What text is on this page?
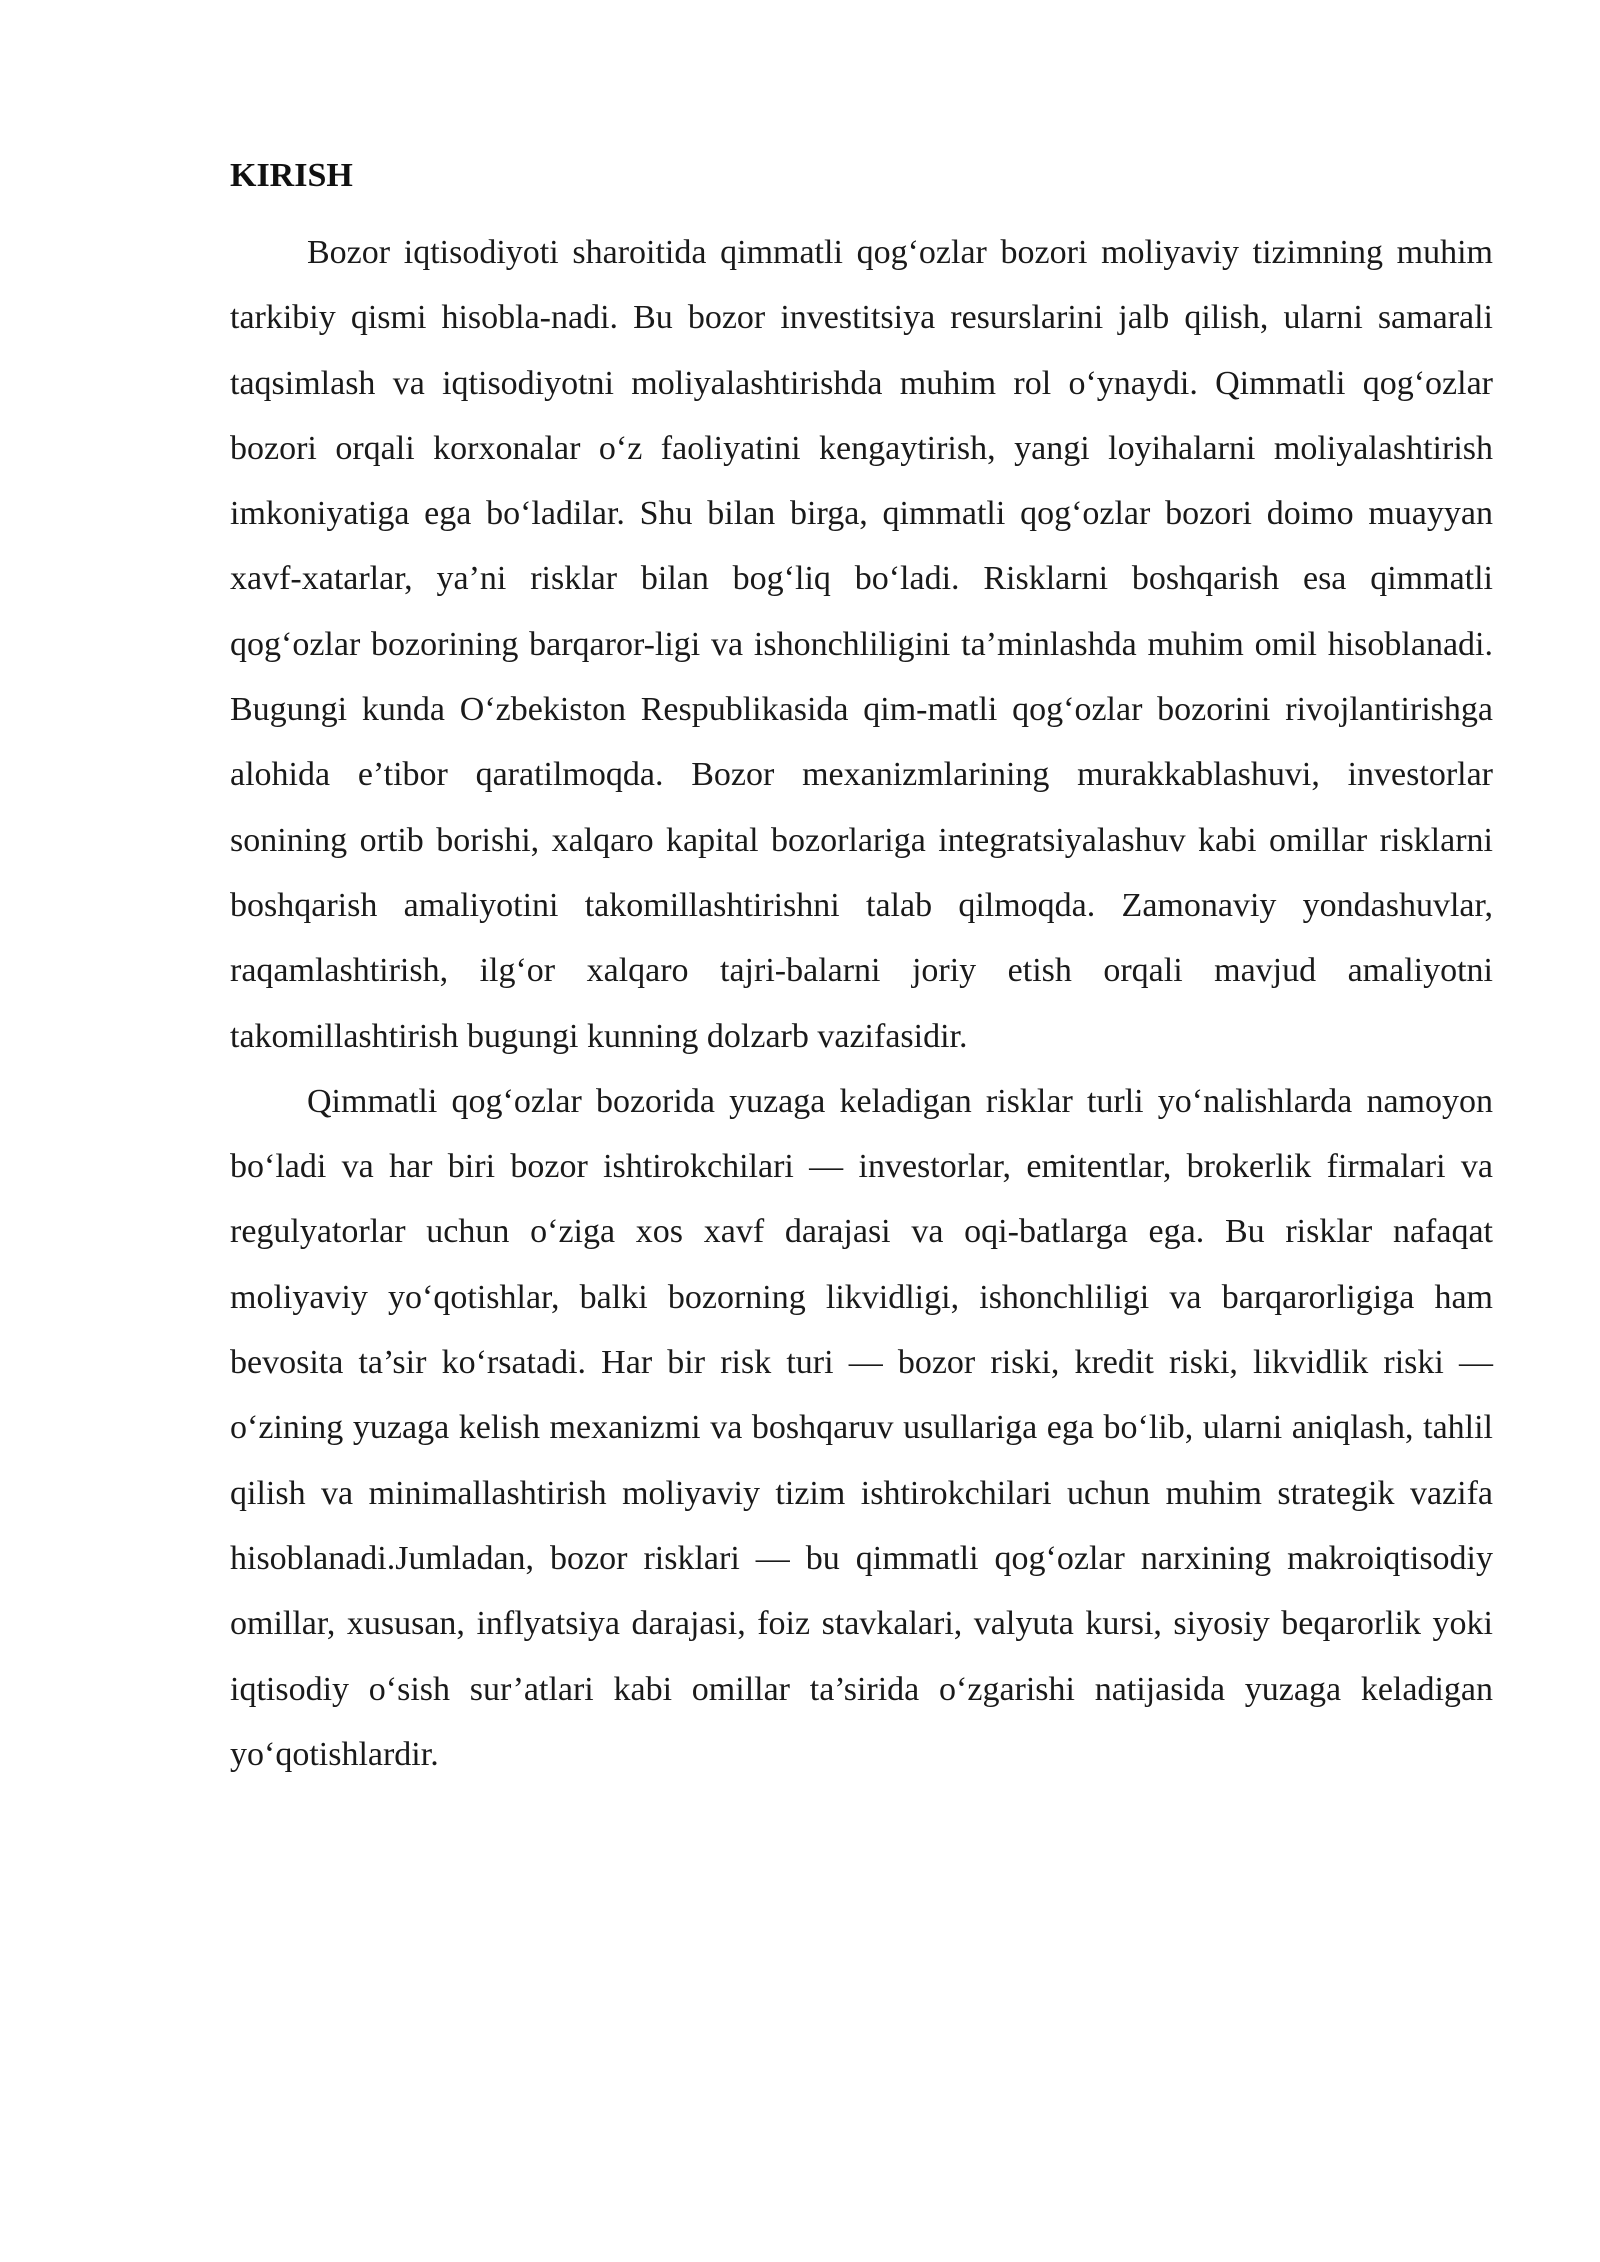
KIRISH

Bozor iqtisodiyoti sharoitida qimmatli qog‘ozlar bozori moliyaviy tizimning muhim tarkibiy qismi hisobla-nadi. Bu bozor investitsiya resurslarini jalb qilish, ularni samarali taqsimlash va iqtisodiyotni moliyalashtirishda muhim rol o‘ynaydi. Qimmatli qog‘ozlar bozori orqali korxonalar o‘z faoliyatini kengaytirish, yangi loyihalarni moliyalashtirish imkoniyatiga ega bo‘ladilar. Shu bilan birga, qimmatli qog‘ozlar bozori doimo muayyan xavf-xatarlar, ya’ni risklar bilan bog‘liq bo‘ladi. Risklarni boshqarish esa qimmatli qog‘ozlar bozorining barqaror-ligi va ishonchliligini ta’minlashda muhim omil hisoblanadi. Bugungi kunda O‘zbekiston Respublikasida qim-matli qog‘ozlar bozorini rivojlantirishga alohida e’tibor qaratilmoqda. Bozor mexanizmlarining murakkablashuvi, investorlar sonining ortib borishi, xalqaro kapital bozorlariga integratsiyalashuv kabi omillar risklarni boshqarish amaliyotini takomillashtirishni talab qilmoqda. Zamonaviy yondashuvlar, raqamlashtirish, ilg‘or xalqaro tajri-balarni joriy etish orqali mavjud amaliyotni takomillashtirish bugungi kunning dolzarb vazifasidir.

Qimmatli qog‘ozlar bozorida yuzaga keladigan risklar turli yo‘nalishlarda namoyon bo‘ladi va har biri bozor ishtirokchilari — investorlar, emitentlar, brokerlik firmalari va regulyatorlar uchun o‘ziga xos xavf darajasi va oqi-batlarga ega. Bu risklar nafaqat moliyaviy yo‘qotishlar, balki bozorning likvidligi, ishonchliligi va barqarorligiga ham bevosita ta’sir ko‘rsatadi. Har bir risk turi — bozor riski, kredit riski, likvidlik riski — o‘zining yuzaga kelish mexanizmi va boshqaruv usullariga ega bo‘lib, ularni aniqlash, tahlil qilish va minimallashtirish moliyaviy tizim ishtirokchilari uchun muhim strategik vazifa hisoblanadi.Jumladan, bozor risklari — bu qimmatli qog‘ozlar narxining makroiqtisodiy omillar, xususan, inflyatsiya darajasi, foiz stavkalari, valyuta kursi, siyosiy beqarorlik yoki iqtisodiy o‘sish sur’atlari kabi omillar ta’sirida o‘zgarishi natijasida yuzaga keladigan yo‘qotishlardir.
